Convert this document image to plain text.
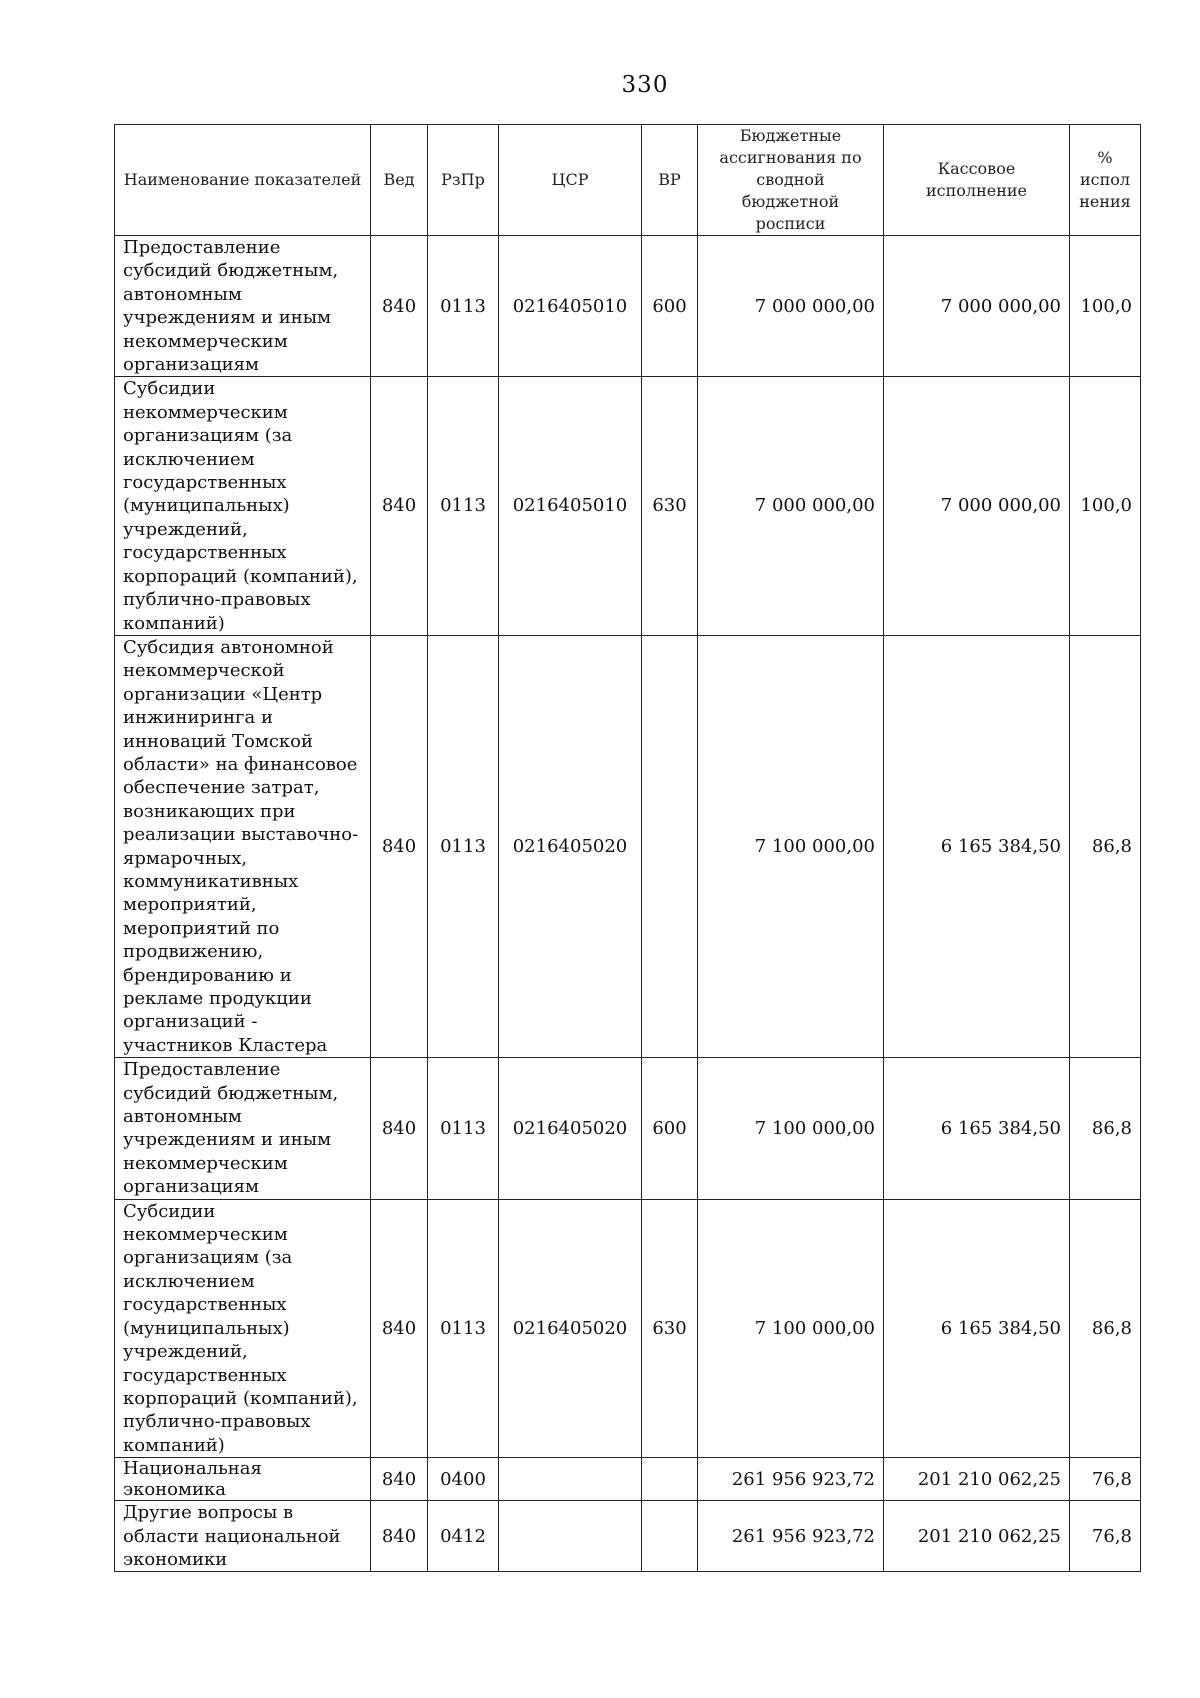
330
Наименование показателей	Вед	РзПр	ЦСР	ВР	Бюджетные ассигнования по сводной бюджетной росписи	Кассовое исполнение	% испол нения
Предоставление субсидий бюджетным, автономным учреждениям и иным некоммерческим организациям	840	0113	0216405010	600	7 000 000,00	7 000 000,00	100,0
Субсидии некоммерческим организациям (за исключением государственных (муниципальных) учреждений, государственных корпораций (компаний), публично-правовых компаний)	840	0113	0216405010	630	7 000 000,00	7 000 000,00	100,0
Субсидия автономной некоммерческой организации «Центр инжиниринга и инноваций Томской области» на финансовое обеспечение затрат, возникающих при реализации выставочно-ярмарочных, коммуникативных мероприятий, мероприятий по продвижению, брендированию и рекламе продукции организаций - участников Кластера	840	0113	0216405020		7 100 000,00	6 165 384,50	86,8
Предоставление субсидий бюджетным, автономным учреждениям и иным некоммерческим организациям	840	0113	0216405020	600	7 100 000,00	6 165 384,50	86,8
Субсидии некоммерческим организациям (за исключением государственных (муниципальных) учреждений, государственных корпораций (компаний), публично-правовых компаний)	840	0113	0216405020	630	7 100 000,00	6 165 384,50	86,8
Национальная экономика	840	0400			261 956 923,72	201 210 062,25	76,8
Другие вопросы в области национальной экономики	840	0412			261 956 923,72	201 210 062,25	76,8
